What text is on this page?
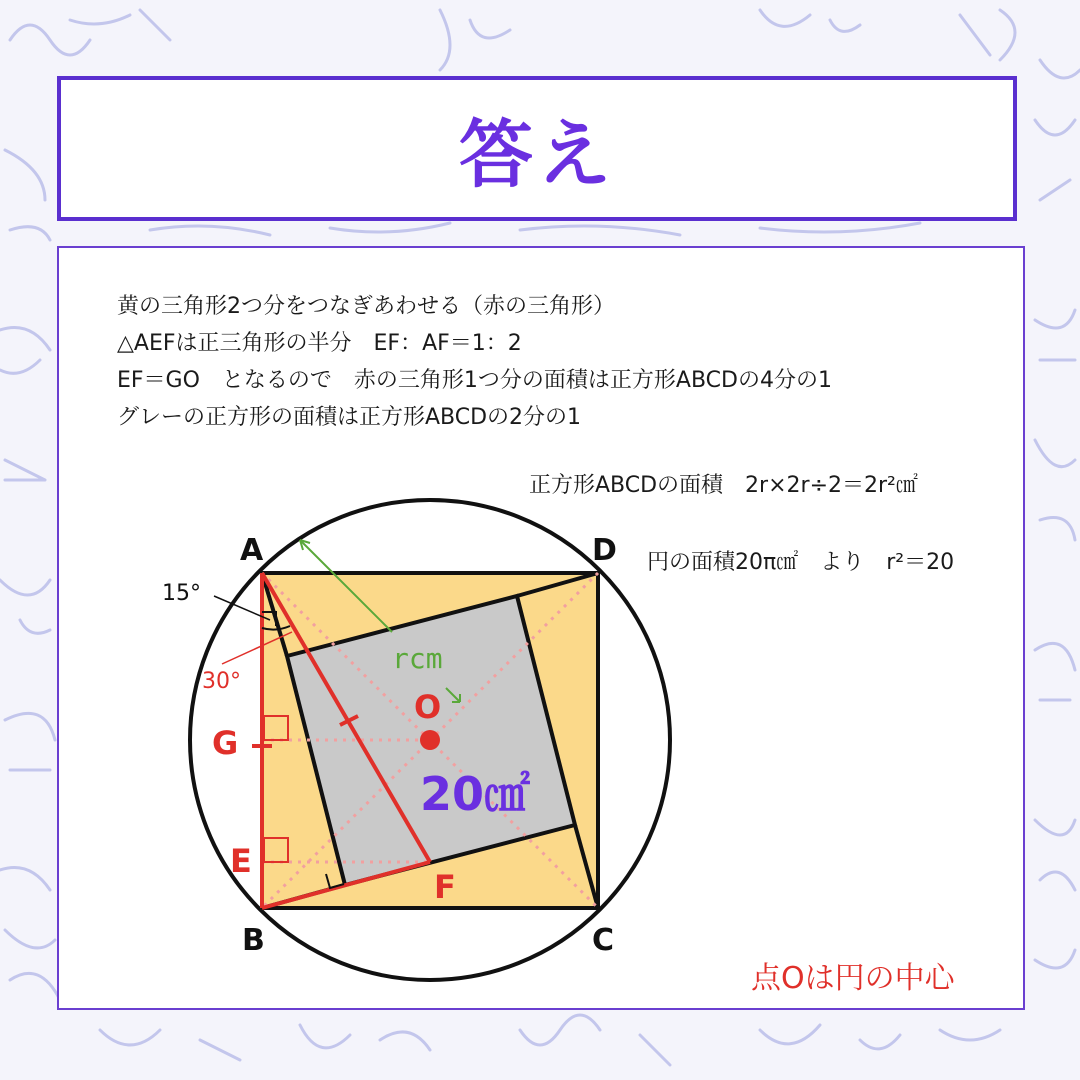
答え
黄の三角形2つ分をつなぎあわせる（赤の三角形）
△AEFは正三角形の半分　EF：AF＝1：2
EF＝GO　となるので　赤の三角形1つ分の面積は正方形ABCDの4分の1
グレーの正方形の面積は正方形ABCDの2分の1
正方形ABCDの面積　2r×2r÷2＝2r²㎠
円の面積20π㎠　より　r²＝20
点Oは円の中心
A	D
B	C
G
E
F
O
15°
30°
rcm
20㎠
